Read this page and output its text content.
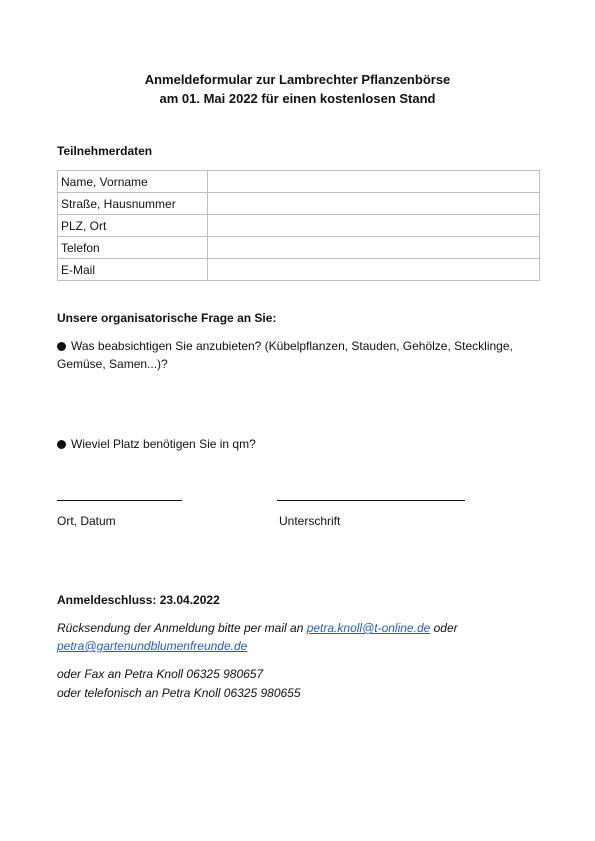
Anmeldeformular zur Lambrechter Pflanzenbörse
am 01. Mai 2022 für einen kostenlosen Stand
Teilnehmerdaten
Name, Vorname	
Straße, Hausnummer	
PLZ, Ort	
Telefon	
E-Mail	
Unsere organisatorische Frage an Sie:
Was beabsichtigen Sie anzubieten? (Kübelpflanzen, Stauden, Gehölze, Stecklinge, Gemüse, Samen...)?
Wieviel Platz benötigen Sie in qm?
Ort, Datum	Unterschrift
Anmeldeschluss: 23.04.2022
Rücksendung der Anmeldung bitte per mail an petra.knoll@t-online.de oder
petra@gartenundblumenfreunde.de
oder Fax an Petra Knoll 06325 980657
oder telefonisch an Petra Knoll 06325 980655
